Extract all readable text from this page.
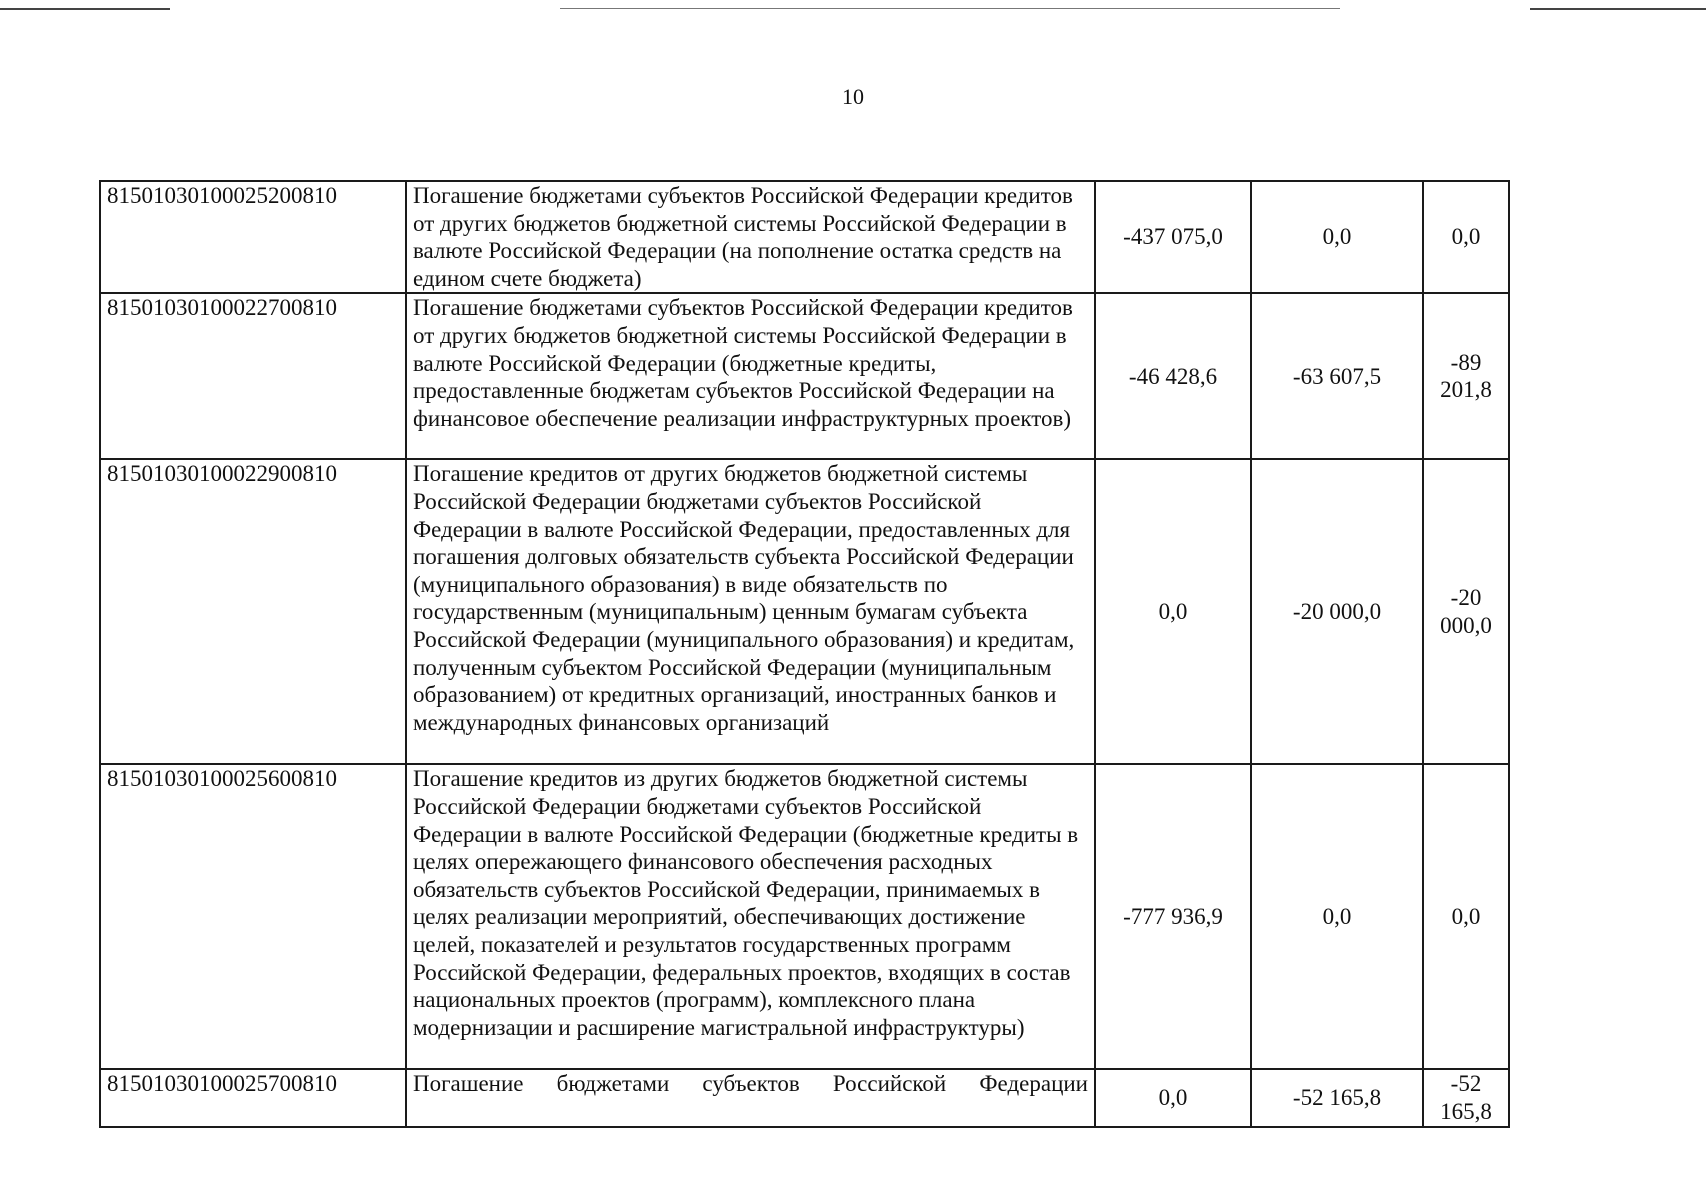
10
81501030100025200810	Погашение бюджетами субъектов Российской Федерации кредитов от других бюджетов бюджетной системы Российской Федерации в валюте Российской Федерации (на пополнение остатка средств на едином счете бюджета)	-437 075,0	0,0	0,0
81501030100022700810	Погашение бюджетами субъектов Российской Федерации кредитов от других бюджетов бюджетной системы Российской Федерации в валюте Российской Федерации (бюджетные кредиты, предоставленные бюджетам субъектов Российской Федерации на финансовое обеспечение реализации инфраструктурных проектов)	-46 428,6	-63 607,5	-89 201,8
81501030100022900810	Погашение кредитов от других бюджетов бюджетной системы Российской Федерации бюджетами субъектов Российской Федерации в валюте Российской Федерации, предоставленных для погашения долговых обязательств субъекта Российской Федерации (муниципального образования) в виде обязательств по государственным (муниципальным) ценным бумагам субъекта Российской Федерации (муниципального образования) и кредитам, полученным субъектом Российской Федерации (муниципальным образованием) от кредитных организаций, иностранных банков и международных финансовых организаций	0,0	-20 000,0	-20 000,0
81501030100025600810	Погашение кредитов из других бюджетов бюджетной системы Российской Федерации бюджетами субъектов Российской Федерации в валюте Российской Федерации (бюджетные кредиты в целях опережающего финансового обеспечения расходных обязательств субъектов Российской Федерации, принимаемых в целях реализации мероприятий, обеспечивающих достижение целей, показателей и результатов государственных программ Российской Федерации, федеральных проектов, входящих в состав национальных проектов (программ), комплексного плана модернизации и расширение магистральной инфраструктуры)	-777 936,9	0,0	0,0
81501030100025700810	Погашение бюджетами субъектов Российской Федерации	0,0	-52 165,8	-52 165,8
